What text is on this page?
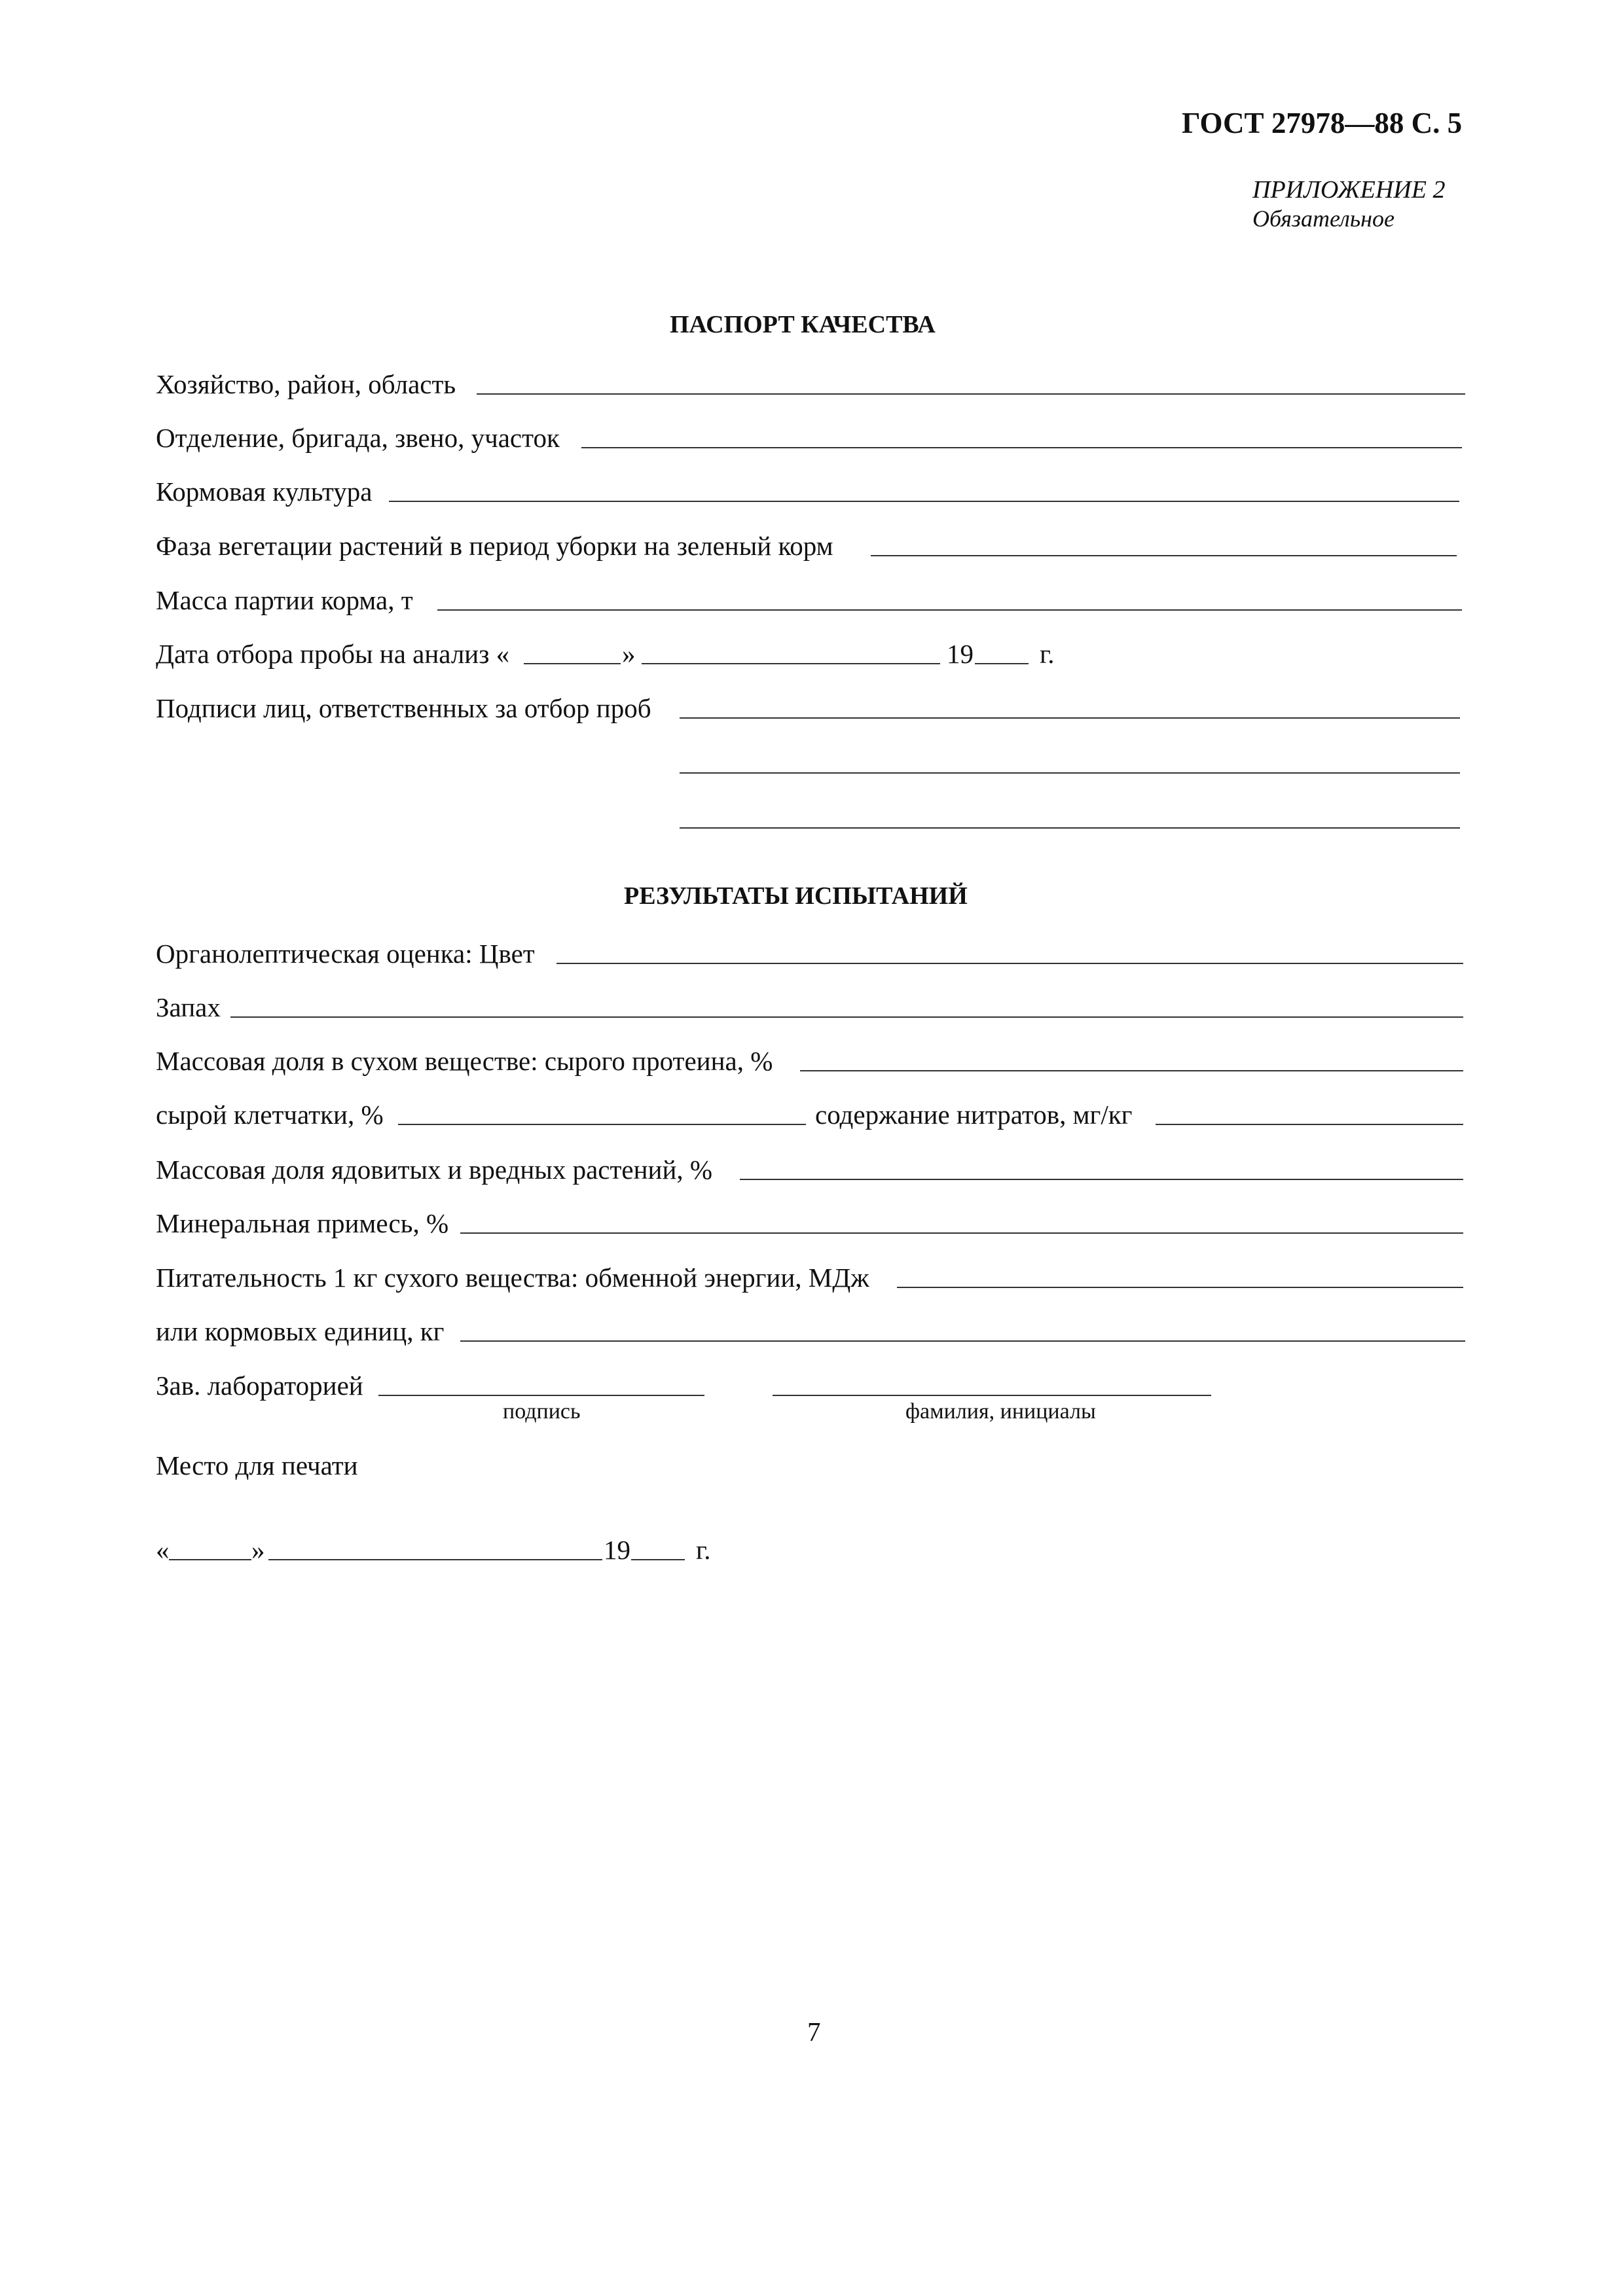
ГОСТ 27978—88 С. 5
ПРИЛОЖЕНИЕ 2
Обязательное
ПАСПОРТ КАЧЕСТВА
Хозяйство, район, область
Отделение, бригада, звено, участок
Кормовая культура
Фаза вегетации растений в период уборки на зеленый корм
Масса партии корма, т
Дата отбора пробы на анализ «	»	19 г.
Подписи лиц, ответственных за отбор проб
РЕЗУЛЬТАТЫ ИСПЫТАНИЙ
Органолептическая оценка: Цвет
Запах
Массовая доля в сухом веществе: сырого протеина, %
сырой клетчатки, %	содержание нитратов, мг/кг
Массовая доля ядовитых и вредных растений, %
Минеральная примесь, %
Питательность 1 кг сухого вещества: обменной энергии, МДж
или кормовых единиц, кг
Зав. лабораторией
подпись	фамилия, инициалы
Место для печати
«	»	19 г.
7
